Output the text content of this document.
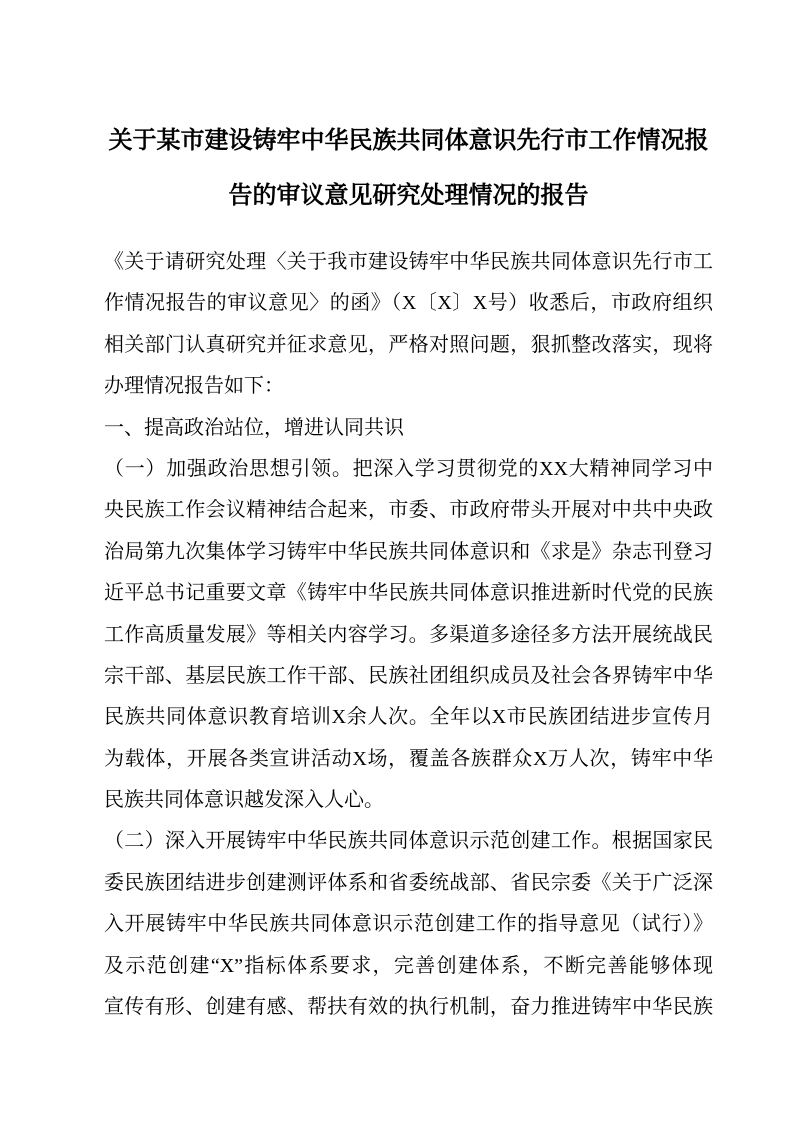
关于某市建设铸牢中华民族共同体意识先行市工作情况报
告的审议意见研究处理情况的报告
《关于请研究处理〈关于我市建设铸牢中华民族共同体意识先行市工
作情况报告的审议意见〉的函》（X〔X〕X号）收悉后，市政府组织
相关部门认真研究并征求意见，严格对照问题，狠抓整改落实，现将
办理情况报告如下：
一、提高政治站位，增进认同共识
（一）加强政治思想引领。把深入学习贯彻党的XX大精神同学习中
央民族工作会议精神结合起来，市委、市政府带头开展对中共中央政
治局第九次集体学习铸牢中华民族共同体意识和《求是》杂志刊登习
近平总书记重要文章《铸牢中华民族共同体意识推进新时代党的民族
工作高质量发展》等相关内容学习。多渠道多途径多方法开展统战民
宗干部、基层民族工作干部、民族社团组织成员及社会各界铸牢中华
民族共同体意识教育培训X余人次。全年以X市民族团结进步宣传月
为载体，开展各类宣讲活动X场，覆盖各族群众X万人次，铸牢中华
民族共同体意识越发深入人心。
（二）深入开展铸牢中华民族共同体意识示范创建工作。根据国家民
委民族团结进步创建测评体系和省委统战部、省民宗委《关于广泛深
入开展铸牢中华民族共同体意识示范创建工作的指导意见（试行）》
及示范创建“X”指标体系要求，完善创建体系，不断完善能够体现
宣传有形、创建有感、帮扶有效的执行机制，奋力推进铸牢中华民族
